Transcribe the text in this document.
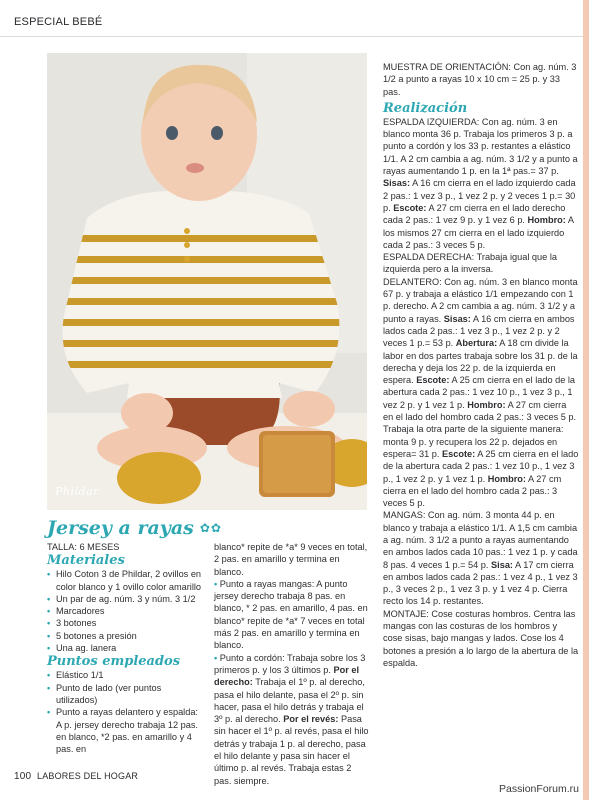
ESPECIAL BEBÉ
Phildar

MUESTRA DE ORIENTACIÓN: Con ag. núm. 3 1/2 a punto a rayas 10 x 10 cm = 25 p. y 33 pas.

Realización

ESPALDA IZQUIERDA: Con ag. núm. 3 en blanco monta 36 p. Trabaja los primeros 3 p. a punto a cordón y los 33 p. restantes a elástico 1/1. A 2 cm cambia a ag. núm. 3 1/2 y a punto a rayas aumentando 1 p. en la 1ª pas.= 37 p. Sisas: A 16 cm cierra en el lado izquierdo cada 2 pas.: 1 vez 3 p., 1 vez 2 p. y 2 veces 1 p.= 30 p. Escote: A 27 cm cierra en el lado derecho cada 2 pas.: 1 vez 9 p. y 1 vez 6 p. Hombro: A los mismos 27 cm cierra en el lado izquierdo cada 2 pas.: 3 veces 5 p.

ESPALDA DERECHA: Trabaja igual que la izquierda pero a la inversa.

DELANTERO: Con ag. núm. 3 en blanco monta 67 p. y trabaja a elástico 1/1 empezando con 1 p. derecho. A 2 cm cambia a ag. núm. 3 1/2 y a punto a rayas. Sisas: A 16 cm cierra en ambos lados cada 2 pas.: 1 vez 3 p., 1 vez 2 p. y 2 veces 1 p.= 53 p. Abertura: A 18 cm divide la labor en dos partes trabaja sobre los 31 p. de la derecha y deja los 22 p. de la izquierda en espera. Escote: A 25 cm cierra en el lado de la abertura cada 2 pas.: 1 vez 10 p., 1 vez 3 p., 1 vez 2 p. y 1 vez 1 p. Hombro: A 27 cm cierra en el lado del hombro cada 2 pas.: 3 veces 5 p. Trabaja la otra parte de la siguiente manera: monta 9 p. y recupera los 22 p. dejados en espera= 31 p. Escote: A 25 cm cierra en el lado de la abertura cada 2 pas.: 1 vez 10 p., 1 vez 3 p., 1 vez 2 p. y 1 vez 1 p. Hombro: A 27 cm cierra en el lado del hombro cada 2 pas.: 3 veces 5 p.

MANGAS: Con ag. núm. 3 monta 44 p. en blanco y trabaja a elástico 1/1. A 1,5 cm cambia a ag. núm. 3 1/2 a punto a rayas aumentando en ambos lados cada 10 pas.: 1 vez 1 p. y cada 8 pas. 4 veces 1 p.= 54 p. Sisa: A 17 cm cierra en ambos lados cada 2 pas.: 1 vez 4 p., 1 vez 3 p., 3 veces 2 p., 1 vez 3 p. y 1 vez 4 p. Cierra recto los 14 p. restantes.

MONTAJE: Cose costuras hombros. Centra las mangas con las costuras de los hombros y cose sisas, bajo mangas y lados. Cose los 4 botones a presión a lo largo de la abertura de la espalda.

Jersey a rayas ✿✿

TALLA: 6 MESES

Materiales

• Hilo Coton 3 de Phildar, 2 ovillos en color blanco y 1 ovillo color amarillo
• Un par de ag. núm. 3 y núm. 3 1/2
• Marcadores
• 3 botones
• 5 botones a presión
• Una ag. lanera

Puntos empleados

• Elástico 1/1
• Punto de lado (ver puntos utilizados)
• Punto a rayas delantero y espalda: A p. jersey derecho trabaja 12 pas. en blanco, *2 pas. en amarillo y 4 pas. en

blanco* repite de *a* 9 veces en total, 2 pas. en amarillo y termina en blanco.

• Punto a rayas mangas: A punto jersey derecho trabaja 8 pas. en blanco, * 2 pas. en amarillo, 4 pas. en blanco* repite de *a* 7 veces en total más 2 pas. en amarillo y termina en blanco.

• Punto a cordón: Trabaja sobre los 3 primeros p. y los 3 últimos p. Por el derecho: Trabaja el 1º p. al derecho, pasa el hilo delante, pasa el 2º p. sin hacer, pasa el hilo detrás y trabaja el 3º p. al derecho. Por el revés: Pasa sin hacer el 1º p. al revés, pasa el hilo detrás y trabaja 1 p. al derecho, pasa el hilo delante y pasa sin hacer el último p. al revés. Trabaja estas 2 pas. siempre.

100 LABORES DEL HOGAR
PassionForum.ru
